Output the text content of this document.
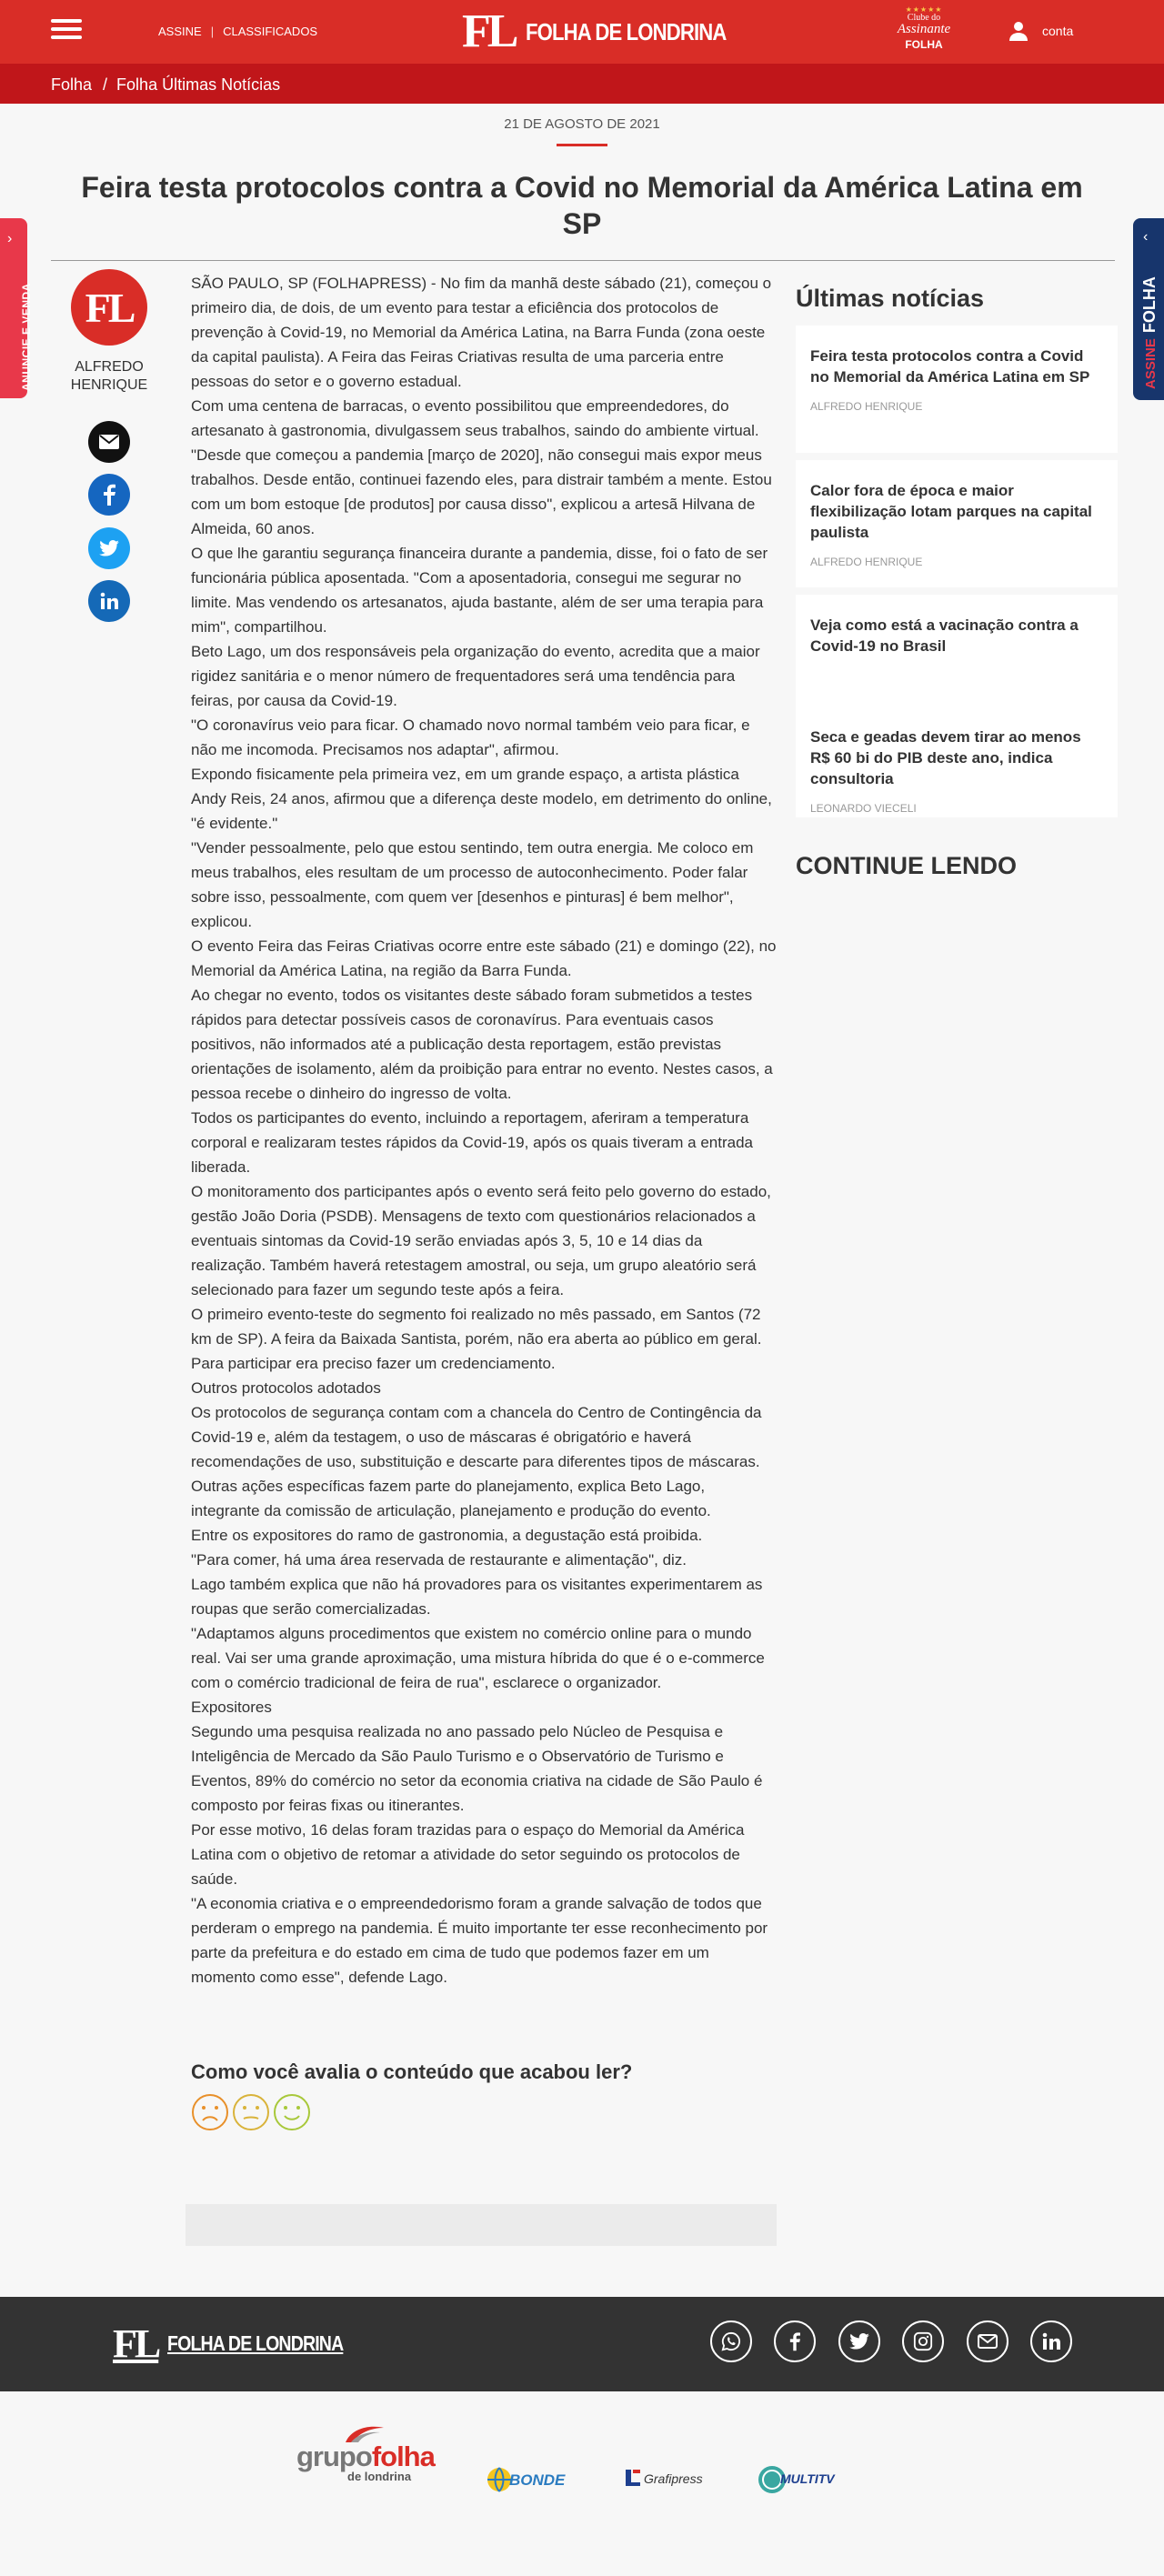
ASSINE | CLASSIFICADOS	FL FOLHA DE LONDRINA
★★★★★
Clube do
Assinante
FOLHA
conta
Folha / Folha Últimas Notícias
›
ANUNCIE E VENDA
‹
ASSINEFOLHA
21 DE AGOSTO DE 2021
Feira testa protocolos contra a Covid no Memorial da América Latina em SP
FL
ALFREDO HENRIQUE

SÃO PAULO, SP (FOLHAPRESS) - No fim da manhã deste sábado (21), começou o primeiro dia, de dois, de um evento para testar a eficiência dos protocolos de prevenção à Covid-19, no Memorial da América Latina, na Barra Funda (zona oeste da capital paulista). A Feira das Feiras Criativas resulta de uma parceria entre pessoas do setor e o governo estadual.

Com uma centena de barracas, o evento possibilitou que empreendedores, do artesanato à gastronomia, divulgassem seus trabalhos, saindo do ambiente virtual.

"Desde que começou a pandemia [março de 2020], não consegui mais expor meus trabalhos. Desde então, continuei fazendo eles, para distrair também a mente. Estou com um bom estoque [de produtos] por causa disso", explicou a artesã Hilvana de Almeida, 60 anos.

O que lhe garantiu segurança financeira durante a pandemia, disse, foi o fato de ser funcionária pública aposentada. "Com a aposentadoria, consegui me segurar no limite. Mas vendendo os artesanatos, ajuda bastante, além de ser uma terapia para mim", compartilhou.

Beto Lago, um dos responsáveis pela organização do evento, acredita que a maior rigidez sanitária e o menor número de frequentadores será uma tendência para feiras, por causa da Covid-19.

"O coronavírus veio para ficar. O chamado novo normal também veio para ficar, e não me incomoda. Precisamos nos adaptar", afirmou.

Expondo fisicamente pela primeira vez, em um grande espaço, a artista plástica Andy Reis, 24 anos, afirmou que a diferença deste modelo, em detrimento do online, "é evidente."

"Vender pessoalmente, pelo que estou sentindo, tem outra energia. Me coloco em meus trabalhos, eles resultam de um processo de autoconhecimento. Poder falar sobre isso, pessoalmente, com quem ver [desenhos e pinturas] é bem melhor", explicou.

O evento Feira das Feiras Criativas ocorre entre este sábado (21) e domingo (22), no Memorial da América Latina, na região da Barra Funda.

Ao chegar no evento, todos os visitantes deste sábado foram submetidos a testes rápidos para detectar possíveis casos de coronavírus. Para eventuais casos positivos, não informados até a publicação desta reportagem, estão previstas orientações de isolamento, além da proibição para entrar no evento. Nestes casos, a pessoa recebe o dinheiro do ingresso de volta.

Todos os participantes do evento, incluindo a reportagem, aferiram a temperatura corporal e realizaram testes rápidos da Covid-19, após os quais tiveram a entrada liberada.

O monitoramento dos participantes após o evento será feito pelo governo do estado, gestão João Doria (PSDB). Mensagens de texto com questionários relacionados a eventuais sintomas da Covid-19 serão enviadas após 3, 5, 10 e 14 dias da realização. Também haverá retestagem amostral, ou seja, um grupo aleatório será selecionado para fazer um segundo teste após a feira.

O primeiro evento-teste do segmento foi realizado no mês passado, em Santos (72 km de SP). A feira da Baixada Santista, porém, não era aberta ao público em geral. Para participar era preciso fazer um credenciamento.

Outros protocolos adotados

Os protocolos de segurança contam com a chancela do Centro de Contingência da Covid-19 e, além da testagem, o uso de máscaras é obrigatório e haverá recomendações de uso, substituição e descarte para diferentes tipos de máscaras.

Outras ações específicas fazem parte do planejamento, explica Beto Lago, integrante da comissão de articulação, planejamento e produção do evento.

Entre os expositores do ramo de gastronomia, a degustação está proibida.

"Para comer, há uma área reservada de restaurante e alimentação", diz.

Lago também explica que não há provadores para os visitantes experimentarem as roupas que serão comercializadas.

"Adaptamos alguns procedimentos que existem no comércio online para o mundo real. Vai ser uma grande aproximação, uma mistura híbrida do que é o e-commerce com o comércio tradicional de feira de rua", esclarece o organizador.

Expositores

Segundo uma pesquisa realizada no ano passado pelo Núcleo de Pesquisa e Inteligência de Mercado da São Paulo Turismo e o Observatório de Turismo e Eventos, 89% do comércio no setor da economia criativa na cidade de São Paulo é composto por feiras fixas ou itinerantes.

Por esse motivo, 16 delas foram trazidas para o espaço do Memorial da América Latina com o objetivo de retomar a atividade do setor seguindo os protocolos de saúde.

"A economia criativa e o empreendedorismo foram a grande salvação de todos que perderam o emprego na pandemia. É muito importante ter esse reconhecimento por parte da prefeitura e do estado em cima de tudo que podemos fazer em um momento como esse", defende Lago.

Como você avalia o conteúdo que acabou ler?
Últimas notícias
Feira testa protocolos contra a Covid no Memorial da América Latina em SP
ALFREDO HENRIQUE
Calor fora de época e maior flexibilização lotam parques na capital paulista
ALFREDO HENRIQUE
Veja como está a vacinação contra a Covid-19 no Brasil
Seca e geadas devem tirar ao menos R$ 60 bi do PIB deste ano, indica consultoria
LEONARDO VIECELI
CONTINUE LENDO
FL FOLHA DE LONDRINA
grupofolha
de londrina	BONDE	Grafipress	MULTITV
